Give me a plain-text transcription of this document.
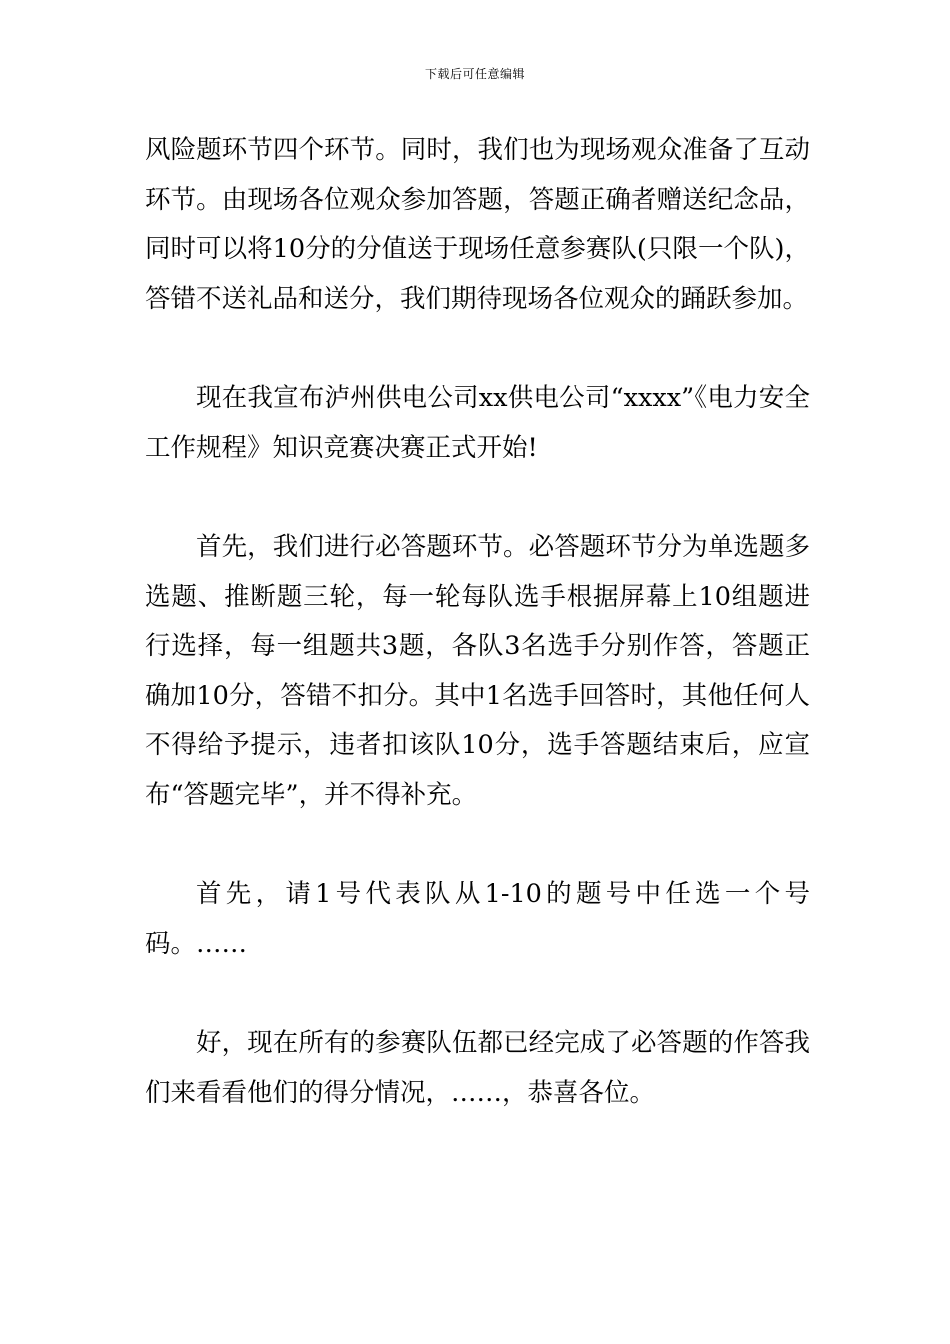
下载后可任意编辑

风险题环节四个环节。同时，我们也为现场观众准备了互动环节。由现场各位观众参加答题，答题正确者赠送纪念品，同时可以将10分的分值送于现场任意参赛队(只限一个队)，答错不送礼品和送分，我们期待现场各位观众的踊跃参加。

现在我宣布泸州供电公司xx供电公司“xxxx”《电力安全工作规程》知识竞赛决赛正式开始!

首先，我们进行必答题环节。必答题环节分为单选题多选题、推断题三轮，每一轮每队选手根据屏幕上10组题进行选择，每一组题共3题，各队3名选手分别作答，答题正确加10分，答错不扣分。其中1名选手回答时，其他任何人不得给予提示，违者扣该队10分，选手答题结束后，应宣布“答题完毕”，并不得补充。

首先，请1号代表队从1-10的题号中任选一个号码。……

好，现在所有的参赛队伍都已经完成了必答题的作答我们来看看他们的得分情况，……，恭喜各位。
